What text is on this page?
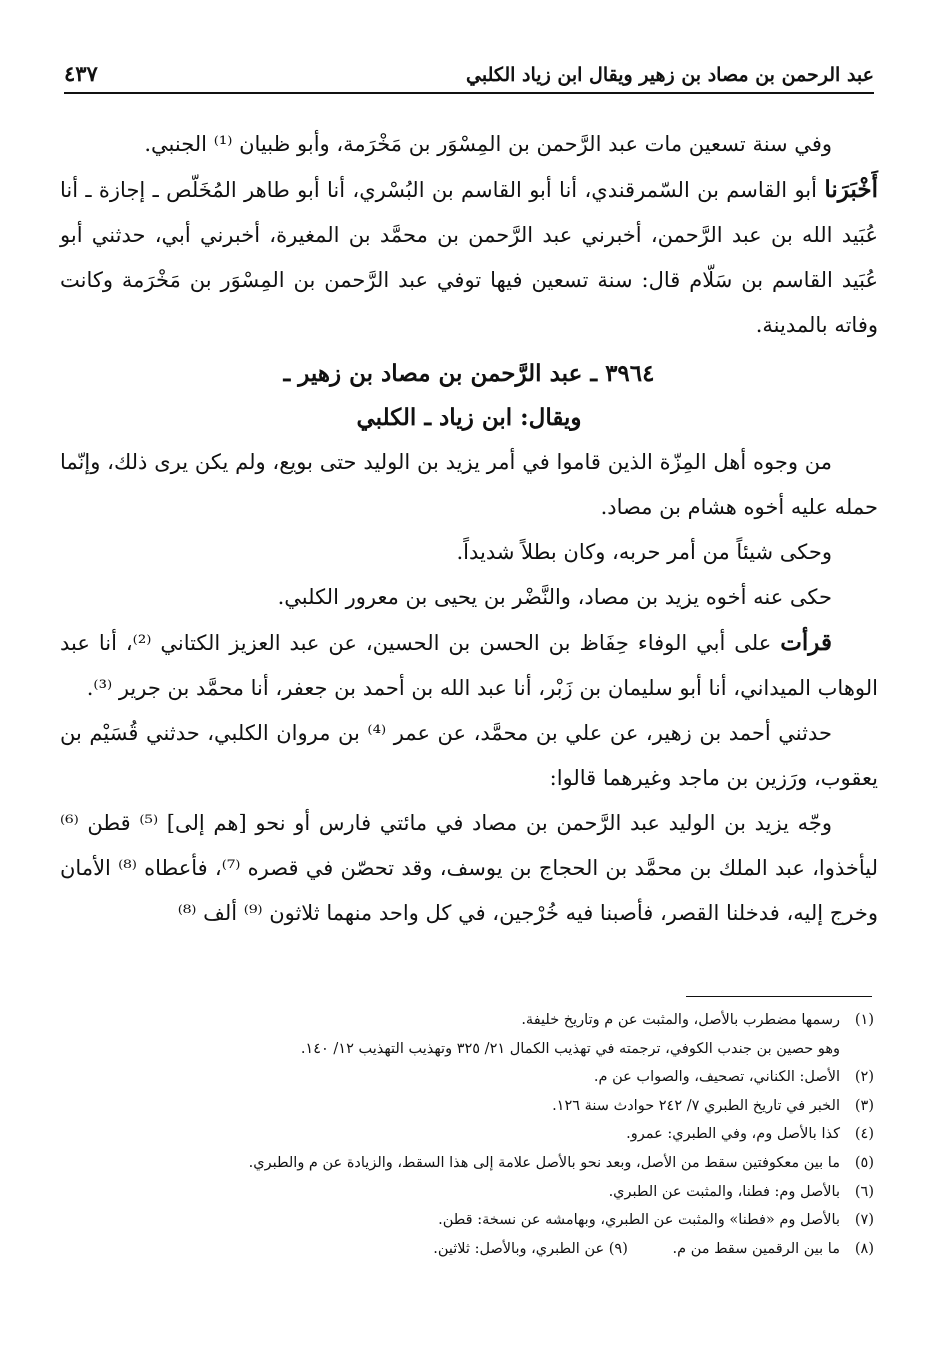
عبد الرحمن بن مصاد بن زهير ويقال ابن زياد الكلبي
٤٣٧

وفي سنة تسعين مات عبد الرَّحمن بن المِسْوَر بن مَخْرَمة، وأبو ظبيان ⁽¹⁾ الجنبي.

أَخْبَرَنا أبو القاسم بن السّمرقندي، أنا أبو القاسم بن البُسْري، أنا أبو طاهر المُخَلّص ـ إجازة ـ أنا عُبَيد الله بن عبد الرَّحمن، أخبرني عبد الرَّحمن بن محمَّد بن المغيرة، أخبرني أبي، حدثني أبو عُبَيد القاسم بن سَلّام قال: سنة تسعين فيها توفي عبد الرَّحمن بن المِسْوَر بن مَخْرَمة وكانت وفاته بالمدينة.

٣٩٦٤ ـ عبد الرَّحمن بن مصاد بن زهير ـ
ويقال: ابن زياد ـ الكلبي

من وجوه أهل المِزّة الذين قاموا في أمر يزيد بن الوليد حتى بويع، ولم يكن يرى ذلك، وإنّما حمله عليه أخوه هشام بن مصاد.

وحكى شيئاً من أمر حربه، وكان بطلاً شديداً.

حكى عنه أخوه يزيد بن مصاد، والنَّضْر بن يحيى بن معرور الكلبي.

قرأت على أبي الوفاء حِفَاظ بن الحسن بن الحسين، عن عبد العزيز الكتاني ⁽²⁾، أنا عبد الوهاب الميداني، أنا أبو سليمان بن زَبْر، أنا عبد الله بن أحمد بن جعفر، أنا محمَّد بن جرير ⁽³⁾.

حدثني أحمد بن زهير، عن علي بن محمَّد، عن عمر ⁽⁴⁾ بن مروان الكلبي، حدثني قُسَيْم بن يعقوب، ورَزين بن ماجد وغيرهما قالوا:

وجّه يزيد بن الوليد عبد الرَّحمن بن مصاد في مائتي فارس أو نحو [هم إلى] ⁽⁵⁾ قطن ⁽⁶⁾ ليأخذوا، عبد الملك بن محمَّد بن الحجاج بن يوسف، وقد تحصّن في قصره ⁽⁷⁾، فأعطاه ⁽⁸⁾ الأمان وخرج إليه، فدخلنا القصر، فأصبنا فيه خُرْجين، في كل واحد منهما ثلاثون ⁽⁹⁾ ألف ⁽⁸⁾

(١)
رسمها مضطرب بالأصل، والمثبت عن م وتاريخ خليفة.
وهو حصين بن جندب الكوفي، ترجمته في تهذيب الكمال ٢١/ ٣٢٥ وتهذيب التهذيب ١٢/ ١٤٠.
(٢)
الأصل: الكناني، تصحيف، والصواب عن م.
(٣)
الخبر في تاريخ الطبري ٧/ ٢٤٢ حوادث سنة ١٢٦.
(٤)
كذا بالأصل وم، وفي الطبري: عمرو.
(٥)
ما بين معكوفتين سقط من الأصل، وبعد نحو بالأصل علامة إلى هذا السقط، والزيادة عن م والطبري.
(٦)
بالأصل وم: فطنا، والمثبت عن الطبري.
(٧)
بالأصل وم «فطنا» والمثبت عن الطبري، وبهامشه عن نسخة: قطن.
(٨)
ما بين الرقمين سقط من م. (٩) عن الطبري، وبالأصل: ثلاثين.
